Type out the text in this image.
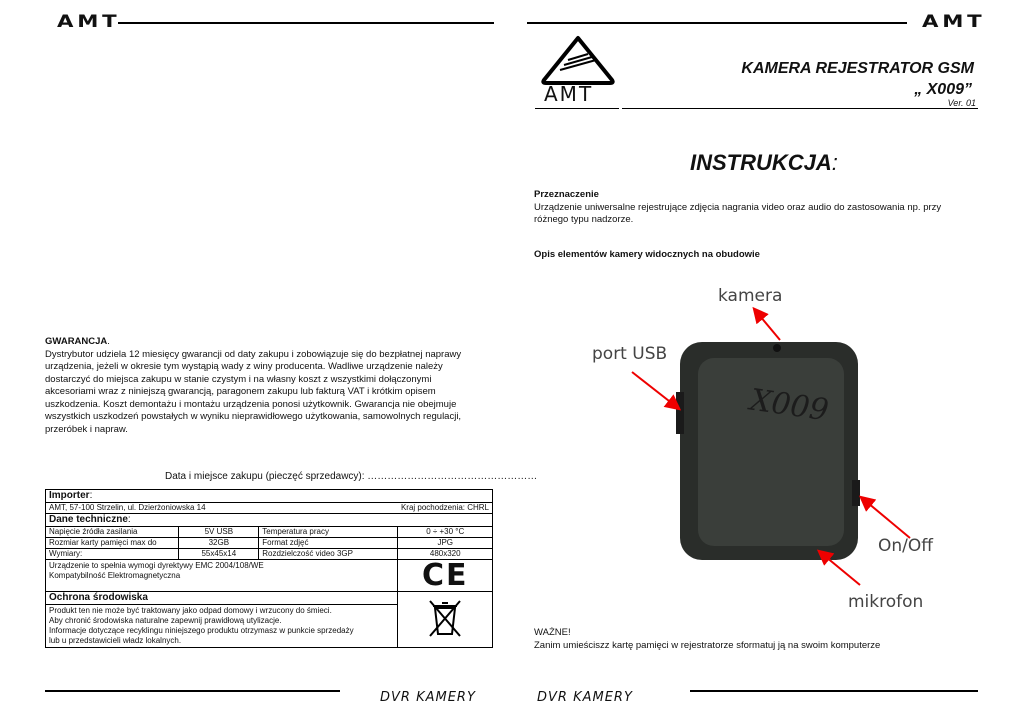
AMT	AMT
AMT
KAMERA REJESTRATOR GSM
„ X009”
Ver. 01
INSTRUKCJA:
Przeznaczenie
Urządzenie uniwersalne rejestrujące zdjęcia nagrania video oraz audio do zastosowania np. przy różnego typu nadzorze.
Opis elementów kamery widocznych na obudowie
X009
kamera
port USB
On/Off
mikrofon
WAŻNE!
Zanim umieściszz kartę pamięci w rejestratorze sformatuj ją na swoim komputerze
GWARANCJA.
Dystrybutor udziela 12 miesięcy gwarancji od daty zakupu i zobowiązuje się do bezpłatnej naprawy urządzenia, jeżeli w okresie tym wystąpią wady z winy producenta. Wadliwe urządzenie należy dostarczyć do miejsca zakupu w stanie czystym i na własny koszt z wszystkimi dołączonymi akcesoriami wraz z niniejszą gwarancją, paragonem zakupu lub fakturą VAT i krótkim opisem uszkodzenia. Koszt demontażu i montażu urządzenia ponosi użytkownik. Gwarancja nie obejmuje wszystkich uszkodzeń powstałych w wyniku nieprawidłowego użytkowania, samowolnych regulacji, przeróbek i napraw.
Data i miejsce zakupu (pieczęć sprzedawcy): ……………………………………………
Importer:			
AMT, 57-100 Strzelin, ul. Dzierżoniowska 14			Kraj pochodzenia: CHRL
Dane techniczne:			
Napięcie źródła zasilania	5V USB	Temperatura pracy	0 ÷ +30 °C
Rozmiar karty pamięci max do	32GB	Format zdjęć	JPG
Wymiary:	55x45x14	Rozdzielczość video 3GP	480x320

Urządzenie to spełnia wymogi dyrektywy EMC 2004/108/WE
Kompatybilność Elektromagnetyczna			CE
Ochrona środowiska	

Produkt ten nie może być traktowany jako odpad domowy i wrzucony do śmieci.
Aby chronić środowiska naturalne zapewnij prawidłową utylizacje.
Informacje dotyczące recyklingu niniejszego produktu otrzymasz w punkcie sprzedaży
lub u przedstawicieli władz lokalnych.			
DVR KAMERY	DVR KAMERY
